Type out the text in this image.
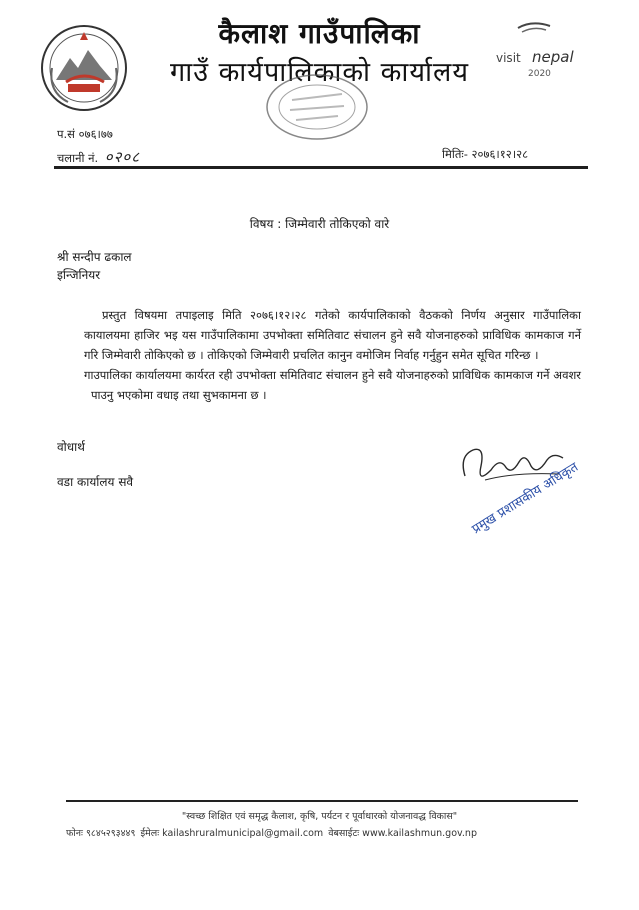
visit nepal
2020
कैलाश गाउँपालिका
गाउँ कार्यपालिकाको कार्यालय
प.सं ०७६।७७
चलानी नं. ०२०८	मितिः- २०७६।१२।२८
विषय : जिम्मेवारी तोकिएको वारे
श्री सन्दीप ढकाल
इन्जिनियर

प्रस्तुत विषयमा तपाइलाइ मिति २०७६।१२।२८ गतेको कार्यपालिकाको वैठकको निर्णय अनुसार गाउँपालिका कायालयमा हाजिर भइ यस गाउँपालिकामा उपभोक्ता समितिवाट संचालन हुने सवै योजनाहरुको प्राविधिक कामकाज गर्ने गरि जिम्मेवारी तोकिएको छ । तोकिएको जिम्मेवारी प्रचलित कानुन वमोजिम निर्वाह गर्नुहुन समेत सूचित गरिन्छ ।

गाउपालिका कार्यालयमा कार्यरत रही उपभोक्ता समितिवाट संचालन हुने सवै योजनाहरुको प्राविधिक कामकाज गर्ने अवशर पाउनु भएकोमा वधाइ तथा सुभकामना छ ।

वोधार्थ
वडा कार्यालय सवै	प्रमुख प्रशासकीय अधिकृत
"स्वच्छ शिक्षित एवं समृद्ध कैलाश, कृषि, पर्यटन र पूर्वाधारको योजनावद्ध विकास"
फोनः ९८४५२९३४४९ ईमेलः kailashruralmunicipal@gmail.com वेबसाईटः www.kailashmun.gov.np
